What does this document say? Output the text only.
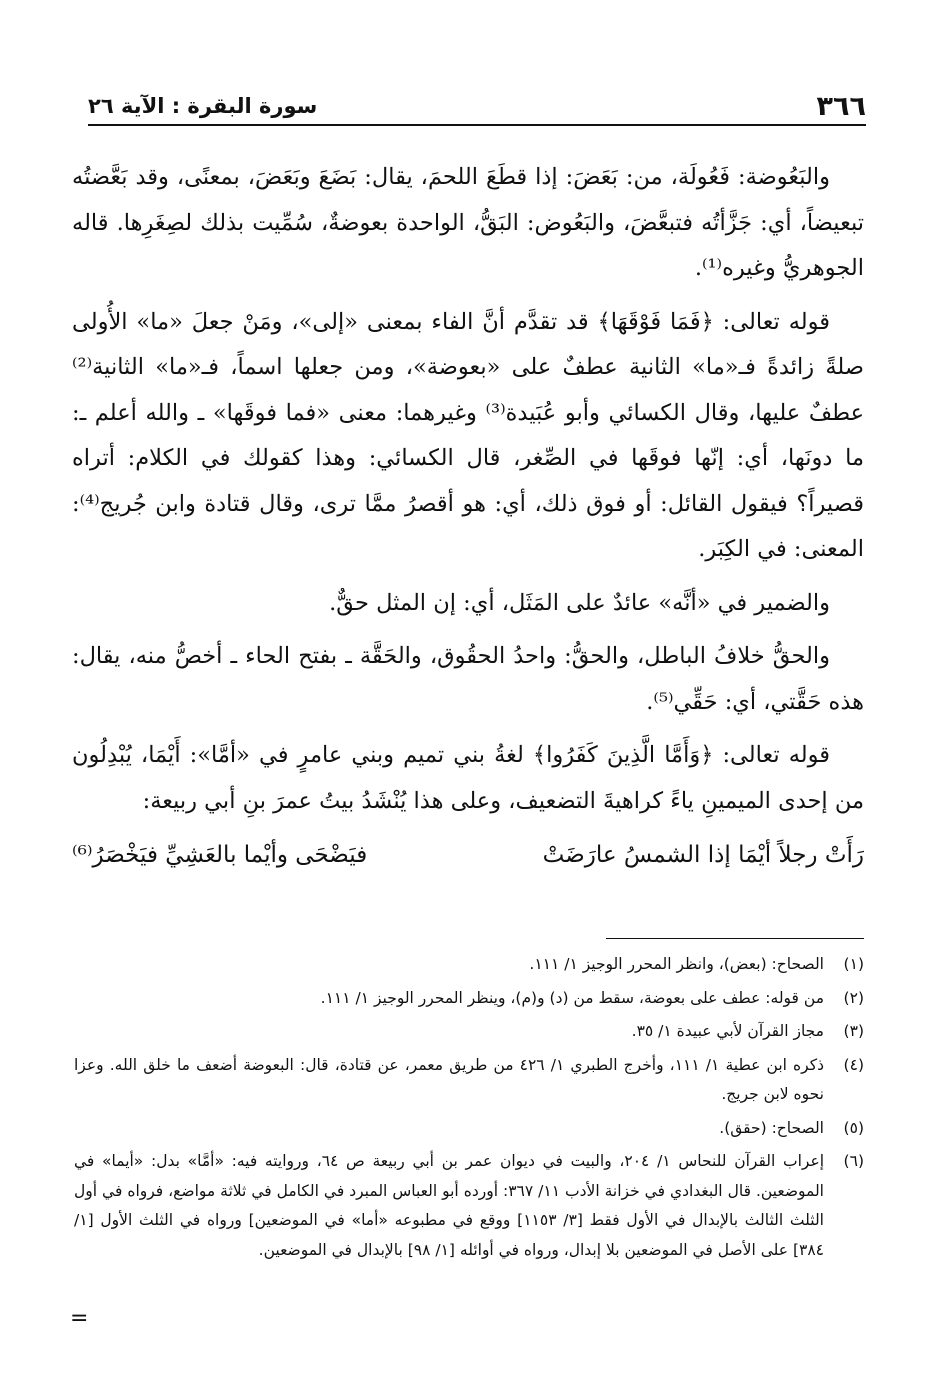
٣٦٦
سورة البقرة : الآية ٢٦

والبَعُوضة: فَعُولَة، من: بَعَضَ: إذا قطَعَ اللحمَ، يقال: بَضَعَ وبَعَضَ، بمعنًى، وقد بَعَّضتُه تبعيضاً، أي: جَزَّأتُه فتبعَّضَ، والبَعُوض: البَقُّ، الواحدة بعوضةٌ، سُمِّيت بذلك لصِغَرِها. قاله الجوهريُّ وغيره⁽¹⁾.

قوله تعالى: ﴿فَمَا فَوْقَهَا﴾ قد تقدَّم أنَّ الفاء بمعنى «إلى»، ومَنْ جعلَ «ما» الأُولى صلةً زائدةً فـ«ما» الثانية عطفٌ على «بعوضة»، ومن جعلها اسماً، فـ«ما» الثانية⁽²⁾ عطفٌ عليها، وقال الكسائي وأبو عُبَيدة⁽³⁾ وغيرهما: معنى «فما فوقَها» ـ والله أعلم ـ: ما دونَها، أي: إنّها فوقَها في الصِّغر، قال الكسائي: وهذا كقولك في الكلام: أتراه قصيراً؟ فيقول القائل: أو فوق ذلك، أي: هو أقصرُ ممَّا ترى، وقال قتادة وابن جُريج⁽⁴⁾: المعنى: في الكِبَر.

والضمير في «أنَّه» عائدٌ على المَثَل، أي: إن المثل حقٌّ.

والحقُّ خلافُ الباطل، والحقُّ: واحدُ الحقُوق، والحَقَّة ـ بفتح الحاء ـ أخصُّ منه، يقال: هذه حَقَّتي، أي: حَقِّي⁽⁵⁾.

قوله تعالى: ﴿وَأَمَّا الَّذِينَ كَفَرُوا﴾ لغةُ بني تميم وبني عامرٍ في «أمَّا»: أَيْمَا، يُبْدِلُون من إحدى الميمينِ ياءً كراهيةَ التضعيف، وعلى هذا يُنْشَدُ بيتُ عمرَ بنِ أبي ربيعة:

رَأَتْ رجلاً أيْمَا إذا الشمسُ عارَضَتْ
فيَضْحَى وأيْما بالعَشِيِّ فيَخْصَرُ⁽⁶⁾
(١)
الصحاح: (بعض)، وانظر المحرر الوجيز ١/ ١١١.
(٢)
من قوله: عطف على بعوضة، سقط من (د) و(م)، وينظر المحرر الوجيز ١/ ١١١.
(٣)
مجاز القرآن لأبي عبيدة ١/ ٣٥.
(٤)
ذكره ابن عطية ١/ ١١١، وأخرج الطبري ١/ ٤٢٦ من طريق معمر، عن قتادة، قال: البعوضة أضعف ما خلق الله. وعزا نحوه لابن جريج.
(٥)
الصحاح: (حقق).
(٦)
إعراب القرآن للنحاس ١/ ٢٠٤، والبيت في ديوان عمر بن أبي ربيعة ص ٦٤، وروايته فيه: «أمَّا» بدل: «أيما» في الموضعين. قال البغدادي في خزانة الأدب ١١/ ٣٦٧: أورده أبو العباس المبرد في الكامل في ثلاثة مواضع، فرواه في أول الثلث الثالث بالإبدال في الأول فقط [٣/ ١١٥٣] ووقع في مطبوعه «أما» في الموضعين] ورواه في الثلث الأول [١/ ٣٨٤] على الأصل في الموضعين بلا إبدال، ورواه في أوائله [١/ ٩٨] بالإبدال في الموضعين.
=
